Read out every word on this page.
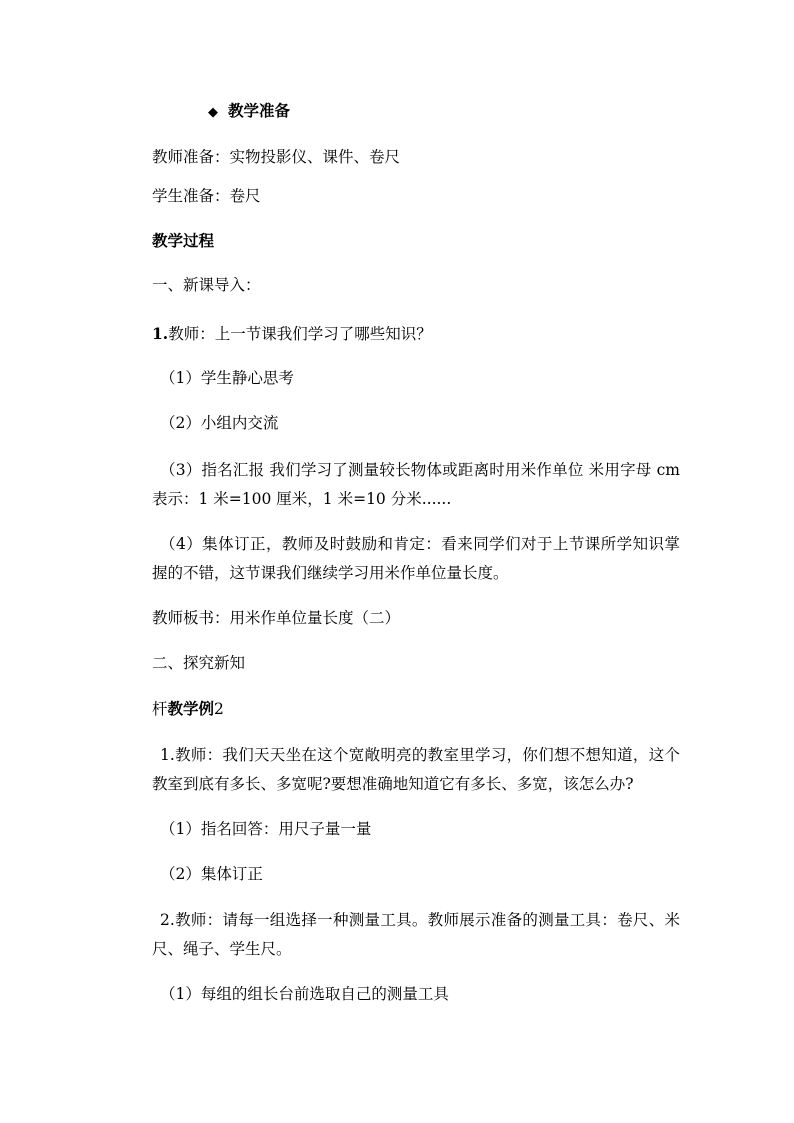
◆ 教学准备
教师准备：实物投影仪、课件、卷尺
学生准备：卷尺
教学过程
一、新课导入：
1.教师：上一节课我们学习了哪些知识？
（1）学生静心思考
（2）小组内交流
（3）指名汇报 我们学习了测量较长物体或距离时用米作单位 米用字母 cm
表示：1 米=100 厘米，1 米=10 分米......
（4）集体订正，教师及时鼓励和肯定：看来同学们对于上节课所学知识掌
握的不错，这节课我们继续学习用米作单位量长度。
教师板书：用米作单位量长度（二）
二、探究新知
杆教学例2
1.教师：我们天天坐在这个宽敞明亮的教室里学习，你们想不想知道，这个
教室到底有多长、多宽呢?要想准确地知道它有多长、多宽，该怎么办?
（1）指名回答：用尺子量一量
（2）集体订正
2.教师：请每一组选择一种测量工具。教师展示准备的测量工具：卷尺、米
尺、绳子、学生尺。
（1）每组的组长台前选取自己的测量工具
